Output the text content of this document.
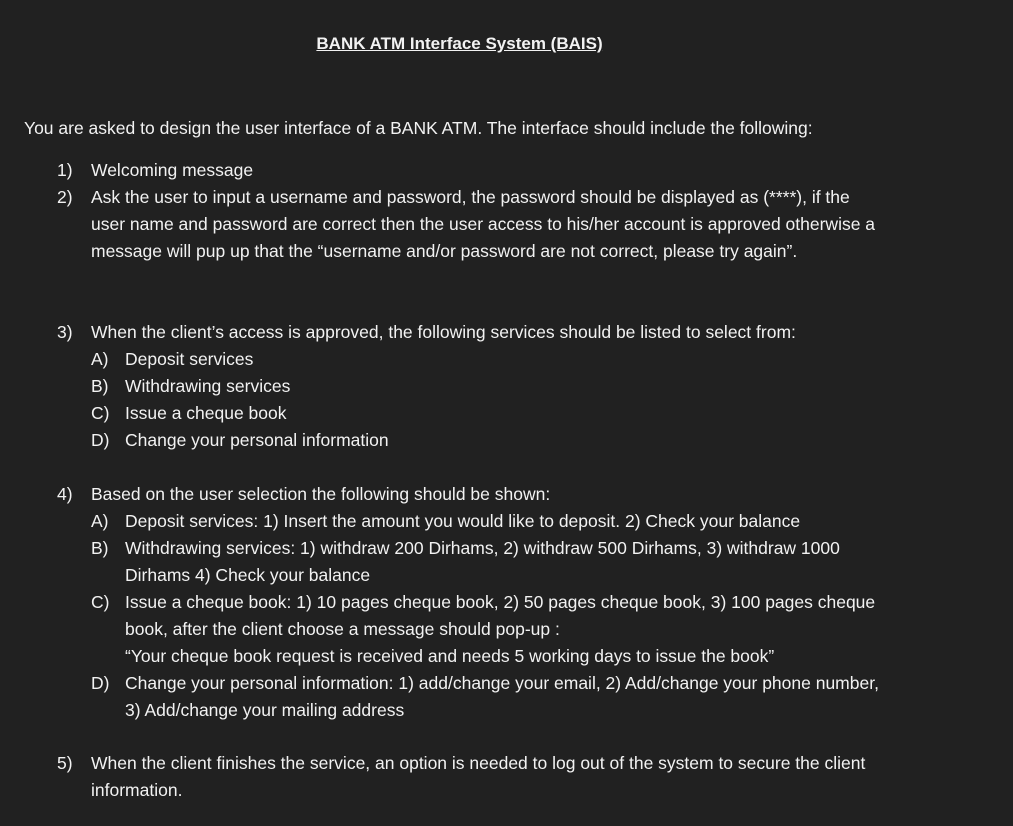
BANK ATM Interface System (BAIS)
You are asked to design the user interface of a BANK ATM. The interface should include the following:
1) Welcoming message
2) Ask the user to input a username and password, the password should be displayed as (****), if the user name and password are correct then the user access to his/her account is approved otherwise a message will pup up that the “username and/or password are not correct, please try again”.
3) When the client’s access is approved, the following services should be listed to select from:
A) Deposit services
B) Withdrawing services
C) Issue a cheque book
D) Change your personal information
4) Based on the user selection the following should be shown:
A) Deposit services: 1) Insert the amount you would like to deposit. 2) Check your balance
B) Withdrawing services: 1) withdraw 200 Dirhams, 2) withdraw 500 Dirhams, 3) withdraw 1000 Dirhams 4) Check your balance
C) Issue a cheque book: 1) 10 pages cheque book, 2) 50 pages cheque book, 3) 100 pages cheque book, after the client choose a message should pop-up :
“Your cheque book request is received and needs 5 working days to issue the book”
D) Change your personal information: 1) add/change your email, 2) Add/change your phone number, 3) Add/change your mailing address
5) When the client finishes the service, an option is needed to log out of the system to secure the client information.
